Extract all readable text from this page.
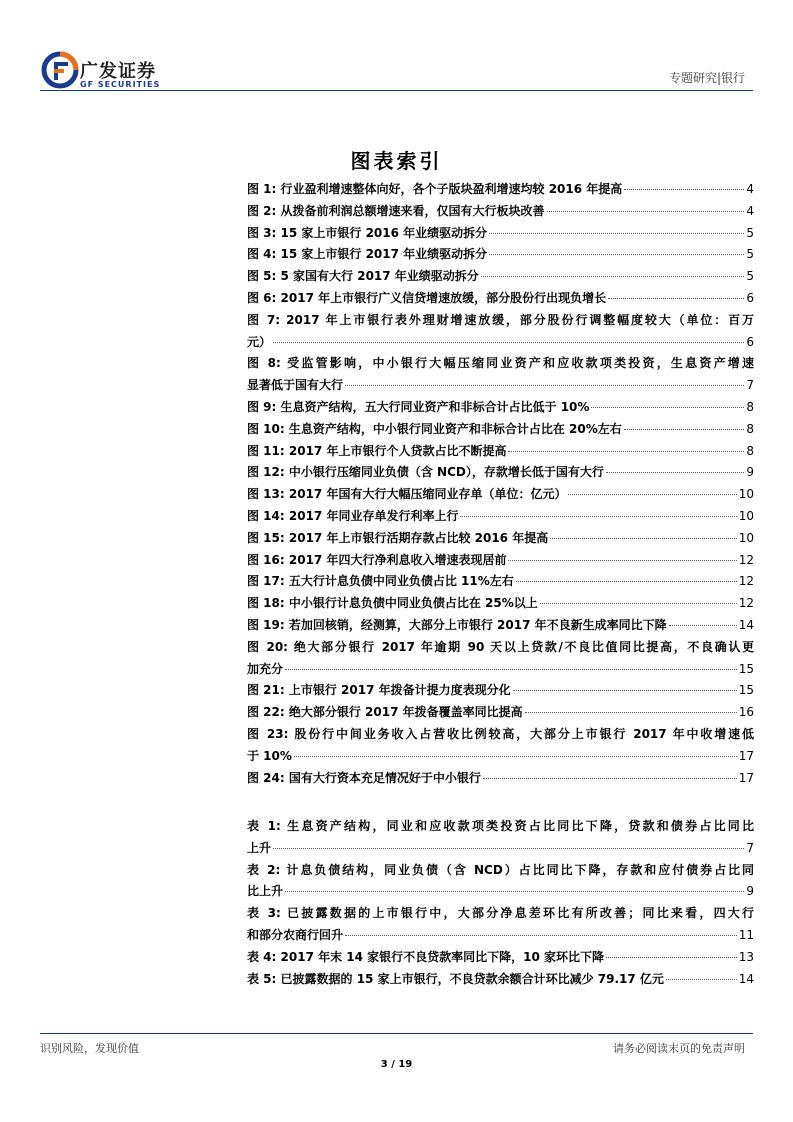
广发证券
GF SECURITIES	专题研究|银行
图表索引
图 1: 行业盈利增速整体向好，各个子版块盈利增速均较 2016 年提高	4
图 2: 从拨备前利润总额增速来看，仅国有大行板块改善	4
图 3: 15 家上市银行 2016 年业绩驱动拆分	5
图 4: 15 家上市银行 2017 年业绩驱动拆分	5
图 5: 5 家国有大行 2017 年业绩驱动拆分	5
图 6: 2017 年上市银行广义信贷增速放缓，部分股份行出现负增长	6
图 7: 2017 年上市银行表外理财增速放缓，部分股份行调整幅度较大（单位：百万
元）	6
图 8: 受监管影响，中小银行大幅压缩同业资产和应收款项类投资，生息资产增速
显著低于国有大行	7
图 9: 生息资产结构，五大行同业资产和非标合计占比低于 10%	8
图 10: 生息资产结构，中小银行同业资产和非标合计占比在 20%左右	8
图 11: 2017 年上市银行个人贷款占比不断提高	8
图 12: 中小银行压缩同业负债（含 NCD），存款增长低于国有大行	9
图 13: 2017 年国有大行大幅压缩同业存单（单位：亿元）	10
图 14: 2017 年同业存单发行利率上行	10
图 15: 2017 年上市银行活期存款占比较 2016 年提高	10
图 16: 2017 年四大行净利息收入增速表现居前	12
图 17: 五大行计息负债中同业负债占比 11%左右	12
图 18: 中小银行计息负债中同业负债占比在 25%以上	12
图 19: 若加回核销，经测算，大部分上市银行 2017 年不良新生成率同比下降	14
图 20: 绝大部分银行 2017 年逾期 90 天以上贷款/不良比值同比提高，不良确认更
加充分	15
图 21: 上市银行 2017 年拨备计提力度表现分化	15
图 22: 绝大部分银行 2017 年拨备覆盖率同比提高	16
图 23: 股份行中间业务收入占营收比例较高，大部分上市银行 2017 年中收增速低
于 10%	17
图 24: 国有大行资本充足情况好于中小银行	17
表 1: 生息资产结构，同业和应收款项类投资占比同比下降，贷款和债券占比同比
上升	7
表 2: 计息负债结构，同业负债（含 NCD）占比同比下降，存款和应付债券占比同
比上升	9
表 3: 已披露数据的上市银行中，大部分净息差环比有所改善；同比来看，四大行
和部分农商行回升	11
表 4: 2017 年末 14 家银行不良贷款率同比下降，10 家环比下降	13
表 5: 已披露数据的 15 家上市银行，不良贷款余额合计环比减少 79.17 亿元	14
识别风险，发现价值	请务必阅读末页的免责声明
3 / 19
